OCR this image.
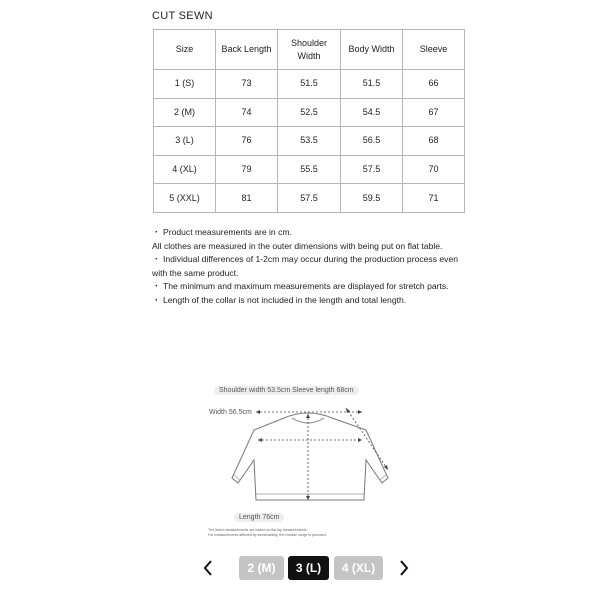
CUT SEWN
Size	Back Length	Shoulder Width	Body Width	Sleeve
1 (S)	73	51.5	51.5	66
2 (M)	74	52.5	54.5	67
3 (L)	76	53.5	56.5	68
4 (XL)	79	55.5	57.5	70
5 (XXL)	81	57.5	59.5	71

・ Product measurements are in cm.

All clothes are measured in the outer dimensions with being put on flat table.

・ Individual differences of 1-2cm may occur during the production process even with the same product.

・ The minimum and maximum measurements are displayed for stretch parts.

・ Length of the collar is not included in the length and total length.

Shoulder width 53.5cm Sleeve length 68cm
Width 56.5cm
Length 76cm
The listed measurements are based on flat lay measurements.
For measurements affected by stretchability, the median range is provided.
2 (M)	3 (L)	4 (XL)
